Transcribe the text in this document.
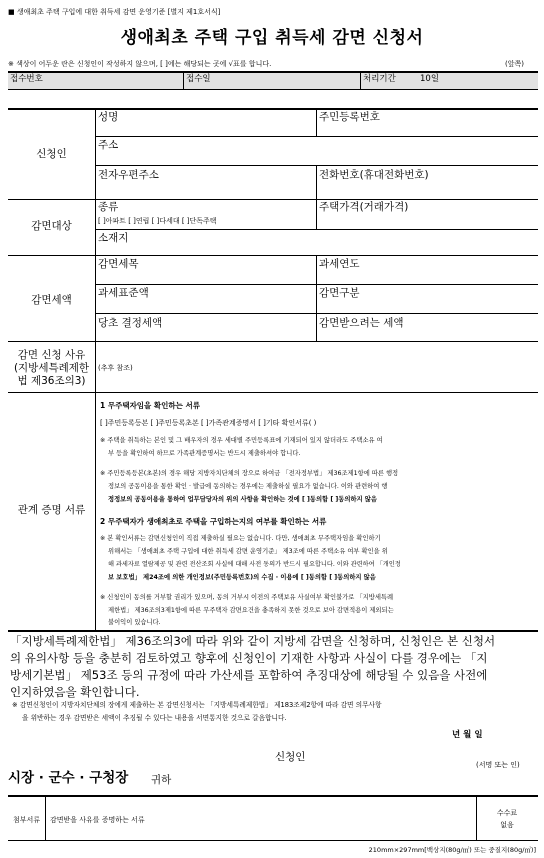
■ 생애최초 주택 구입에 대한 취득세 감면 운영기준 [별지 제1호서식]
생애최초 주택 구입 취득세 감면 신청서
※ 색상이 어두운 란은 신청인이 작성하지 않으며, [ ]에는 해당되는 곳에 √표를 합니다.	(앞쪽)
접수번호	접수일	처리기간	10일
신청인
성명	주민등록번호
주소
전자우편주소	전화번호(휴대전화번호)
감면대상
종류	주택가격(거래가격)
[ ]아파트 [ ]연립 [ ]다세대 [ ]단독주택
소재지
감면세액
감면세목	과세연도
과세표준액	감면구분
당초 결정세액	감면받으려는 세액
감면 신청 사유
(지방세특례제한
법 제36조의3)
(추후 참조)
관계 증명 서류
1 무주택자임을 확인하는 서류
[ ]주민등록등본 [ ]주민등록초본 [ ]가족관계증명서 [ ]기타 확인서류( )
※ 주택을 취득하는 본인 및 그 배우자의 경우 세대별 주민등록표에 기재되어 있지 않더라도 주택소유 여
부 등을 확인하여 하므로 가족관계증명서는 반드시 제출하셔야 합니다.
※ 주민등록등본(초본)의 경우 해당 지방자치단체의 장으로 하여금 「전자정부법」 제36조제1항에 따른 행정
정보의 공동이용을 통한 확인 · 발급에 동의하는 경우에는 제출하실 필요가 없습니다. 이와 관련하여 행
정정보의 공동이용을 통하여 업무담당자의 위의 사항을 확인하는 것에 [ ]동의함 [ ]동의하지 않음
2 무주택자가 생애최초로 주택을 구입하는지의 여부를 확인하는 서류
※ 본 확인서류는 감면신청인이 직접 제출하실 필요는 없습니다. 다만, 생애최초 무주택자임을 확인하기
위해서는 「생애최초 주택 구입에 대한 취득세 감면 운영기준」 제3조에 따른 주택소유 여부 확인을 위
해 과세자료 열람제공 및 관련 전산조회 사실에 대해 사전 동의가 반드시 필요합니다. 이와 관련하여 「개인정
보 보호법」 제24조에 의한 개인정보(주민등록번호)의 수집 · 이용에 [ ]동의함 [ ]동의하지 않음
※ 신청인이 동의를 거부할 권리가 있으며, 동의 거부시 이전의 주택보유 사실여부 확인불가로 「지방세특례
제한법」 제36조의3제1항에 따른 무주택자 감면요건을 충족하지 못한 것으로 보아 감면적용이 제외되는
불이익이 있습니다.
「지방세특례제한법」 제36조의3에 따라 위와 같이 지방세 감면을 신청하며, 신청인은 본 신청서
의 유의사항 등을 충분히 검토하였고 향후에 신청인이 기재한 사항과 사실이 다를 경우에는 「지
방세기본법」 제53조 등의 규정에 따라 가산세를 포함하여 추징대상에 해당될 수 있음을 사전에
인지하였음을 확인합니다.
※ 감면신청인이 지방자치단체의 장에게 제출하는 본 감면신청서는 「지방세특례제한법」 제183조제2항에 따라 감면 의무사항
을 위반하는 경우 감면받은 세액이 추징될 수 있다는 내용을 서면통지한 것으로 갈음합니다.
년 월 일
신청인
(서명 또는 인)
시장 · 군수 · 구청장 귀하
첨부서류	감면받을 사유를 증명하는 서류
수수료
없음
210mm×297mm[백상지(80g/㎡) 또는 중질지(80g/㎡)]
